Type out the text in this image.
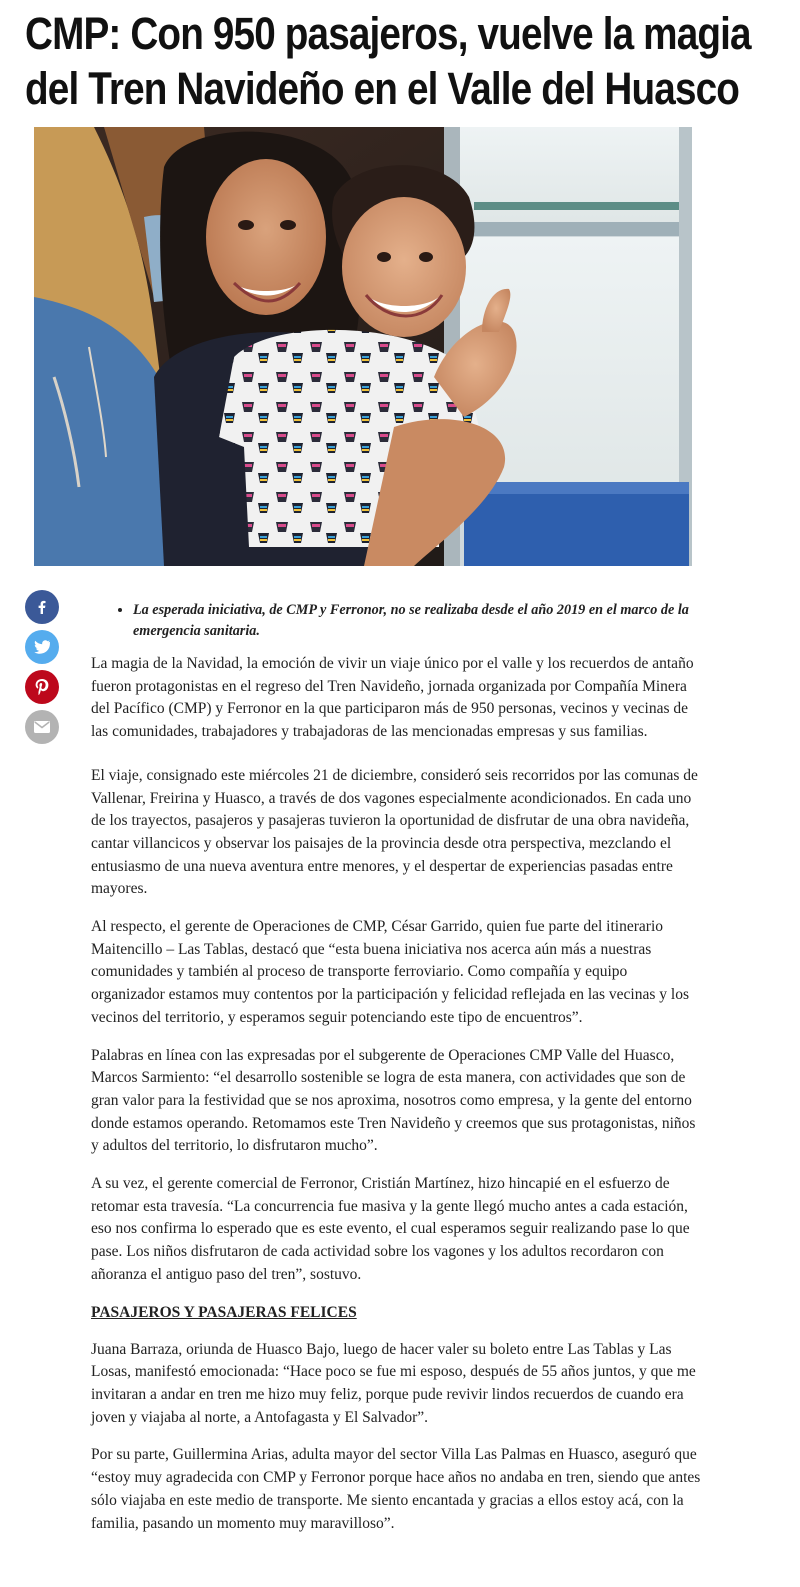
CMP: Con 950 pasajeros, vuelve la magia
del Tren Navideño en el Valle del Huasco
• La esperada iniciativa, de CMP y Ferronor, no se realizaba desde el año 2019 en el marco de la emergencia sanitaria.

La magia de la Navidad, la emoción de vivir un viaje único por el valle y los recuerdos de antaño fueron protagonistas en el regreso del Tren Navideño, jornada organizada por Compañía Minera del Pacífico (CMP) y Ferronor en la que participaron más de 950 personas, vecinos y vecinas de las comunidades, trabajadores y trabajadoras de las mencionadas empresas y sus familias.

El viaje, consignado este miércoles 21 de diciembre, consideró seis recorridos por las comunas de Vallenar, Freirina y Huasco, a través de dos vagones especialmente acondicionados. En cada uno de los trayectos, pasajeros y pasajeras tuvieron la oportunidad de disfrutar de una obra navideña, cantar villancicos y observar los paisajes de la provincia desde otra perspectiva, mezclando el entusiasmo de una nueva aventura entre menores, y el despertar de experiencias pasadas entre mayores.

Al respecto, el gerente de Operaciones de CMP, César Garrido, quien fue parte del itinerario Maitencillo – Las Tablas, destacó que “esta buena iniciativa nos acerca aún más a nuestras comunidades y también al proceso de transporte ferroviario. Como compañía y equipo organizador estamos muy contentos por la participación y felicidad reflejada en las vecinas y los vecinos del territorio, y esperamos seguir potenciando este tipo de encuentros”.

Palabras en línea con las expresadas por el subgerente de Operaciones CMP Valle del Huasco, Marcos Sarmiento: “el desarrollo sostenible se logra de esta manera, con actividades que son de gran valor para la festividad que se nos aproxima, nosotros como empresa, y la gente del entorno donde estamos operando. Retomamos este Tren Navideño y creemos que sus protagonistas, niños y adultos del territorio, lo disfrutaron mucho”.

A su vez, el gerente comercial de Ferronor, Cristián Martínez, hizo hincapié en el esfuerzo de retomar esta travesía. “La concurrencia fue masiva y la gente llegó mucho antes a cada estación, eso nos confirma lo esperado que es este evento, el cual esperamos seguir realizando pase lo que pase. Los niños disfrutaron de cada actividad sobre los vagones y los adultos recordaron con añoranza el antiguo paso del tren”, sostuvo.

PASAJEROS Y PASAJERAS FELICES

Juana Barraza, oriunda de Huasco Bajo, luego de hacer valer su boleto entre Las Tablas y Las Losas, manifestó emocionada: “Hace poco se fue mi esposo, después de 55 años juntos, y que me invitaran a andar en tren me hizo muy feliz, porque pude revivir lindos recuerdos de cuando era joven y viajaba al norte, a Antofagasta y El Salvador”.

Por su parte, Guillermina Arias, adulta mayor del sector Villa Las Palmas en Huasco, aseguró que “estoy muy agradecida con CMP y Ferronor porque hace años no andaba en tren, siendo que antes sólo viajaba en este medio de transporte. Me siento encantada y gracias a ellos estoy acá, con la familia, pasando un momento muy maravilloso”.
